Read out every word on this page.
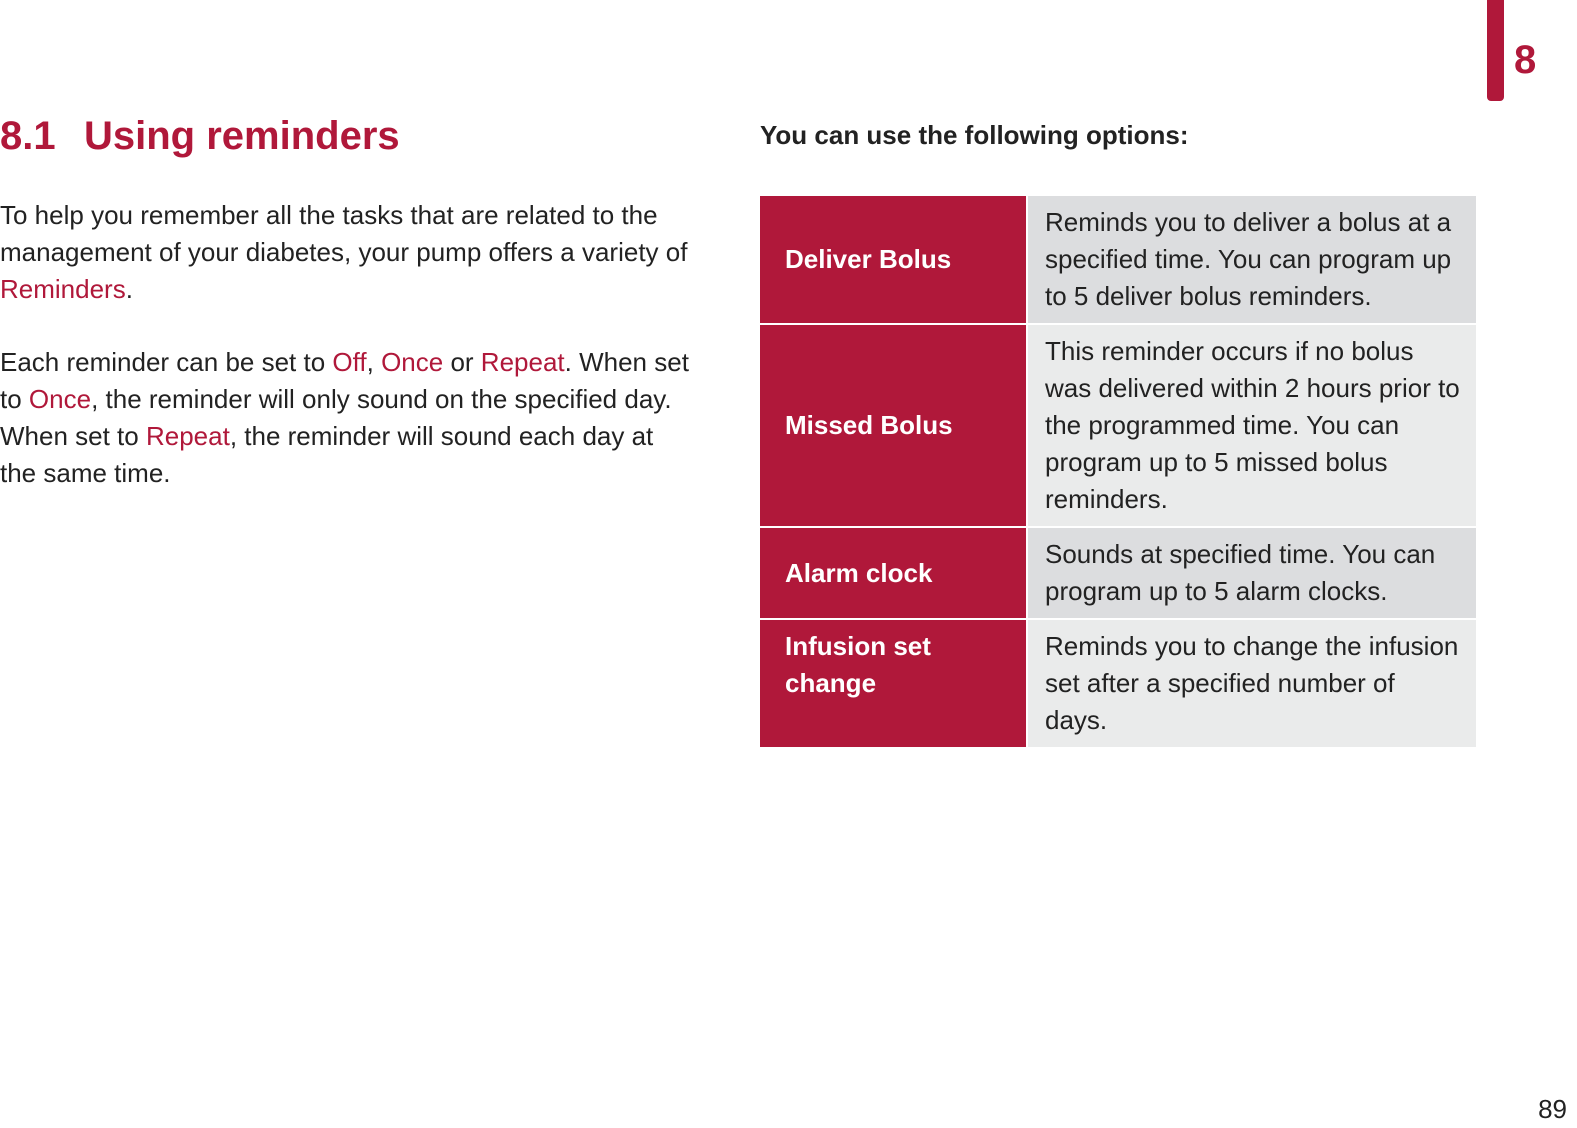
8
8.1 Using reminders

To help you remember all the tasks that are related to the management of your diabetes, your pump offers a variety of Reminders.

Each reminder can be set to Off, Once or Repeat. When set to Once, the reminder will only sound on the specified day. When set to Repeat, the reminder will sound each day at the same time.

You can use the following options:

Deliver Bolus	Reminds you to deliver a bolus at a specified time. You can program up to 5 deliver bolus reminders.
Missed Bolus	This reminder occurs if no bolus was delivered within 2 hours prior to the programmed time. You can program up to 5 missed bolus reminders.
Alarm clock	Sounds at specified time. You can program up to 5 alarm clocks.
Infusion set change	Reminds you to change the infusion set after a specified number of days.
89
